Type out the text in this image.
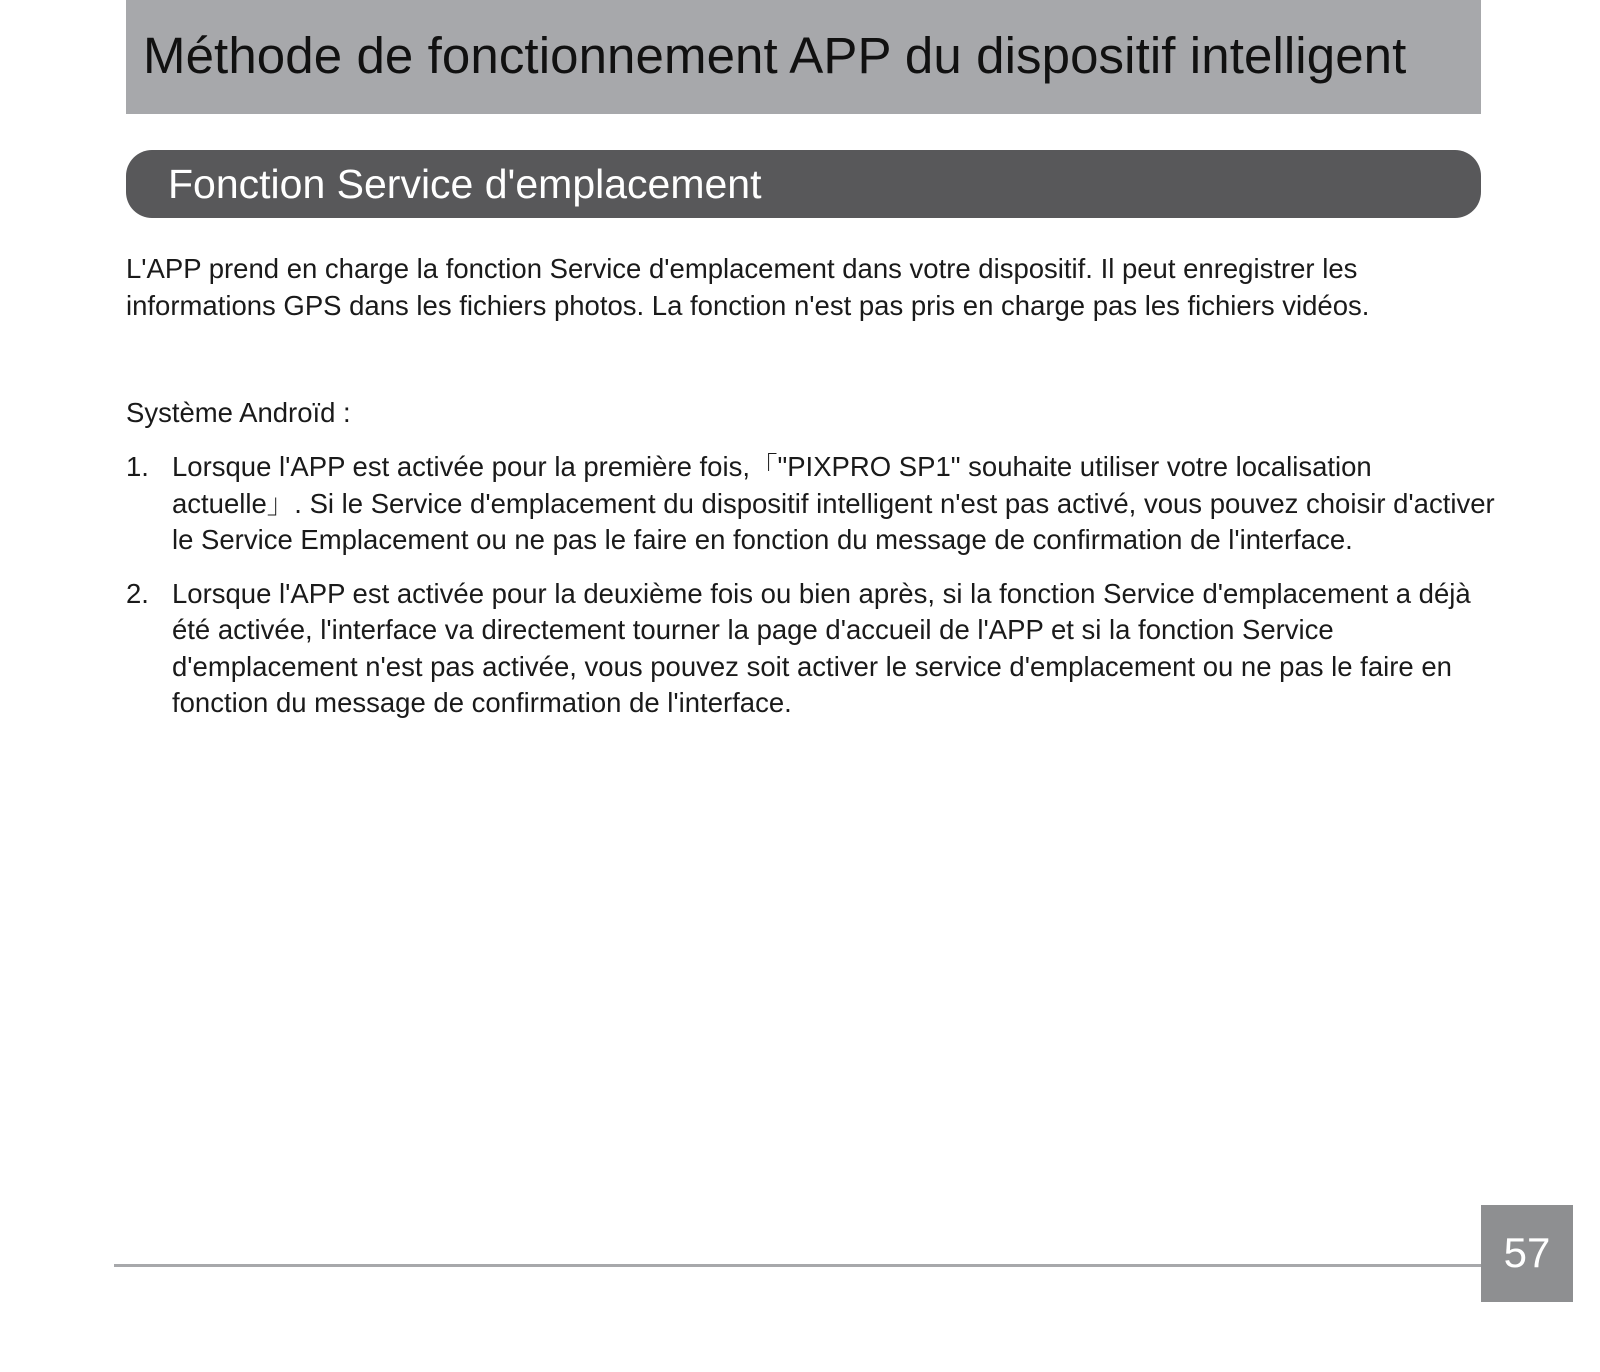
Méthode de fonctionnement APP du dispositif intelligent
Fonction Service d'emplacement
L'APP prend en charge la fonction Service d'emplacement dans votre dispositif. Il peut enregistrer les informations GPS dans les fichiers photos. La fonction n'est pas pris en charge pas les fichiers vidéos.
Système Androïd :
1. Lorsque l'APP est activée pour la première fois,「"PIXPRO SP1" souhaite utiliser votre localisation actuelle」. Si le Service d'emplacement du dispositif intelligent n'est pas activé, vous pouvez choisir d'activer le Service Emplacement ou ne pas le faire en fonction du message de confirmation de l'interface.
2. Lorsque l'APP est activée pour la deuxième fois ou bien après, si la fonction Service d'emplacement a déjà été activée, l'interface va directement tourner la page d'accueil de l'APP et si la fonction Service d'emplacement n'est pas activée, vous pouvez soit activer le service d'emplacement ou ne pas le faire en fonction du message de confirmation de l'interface.
57
